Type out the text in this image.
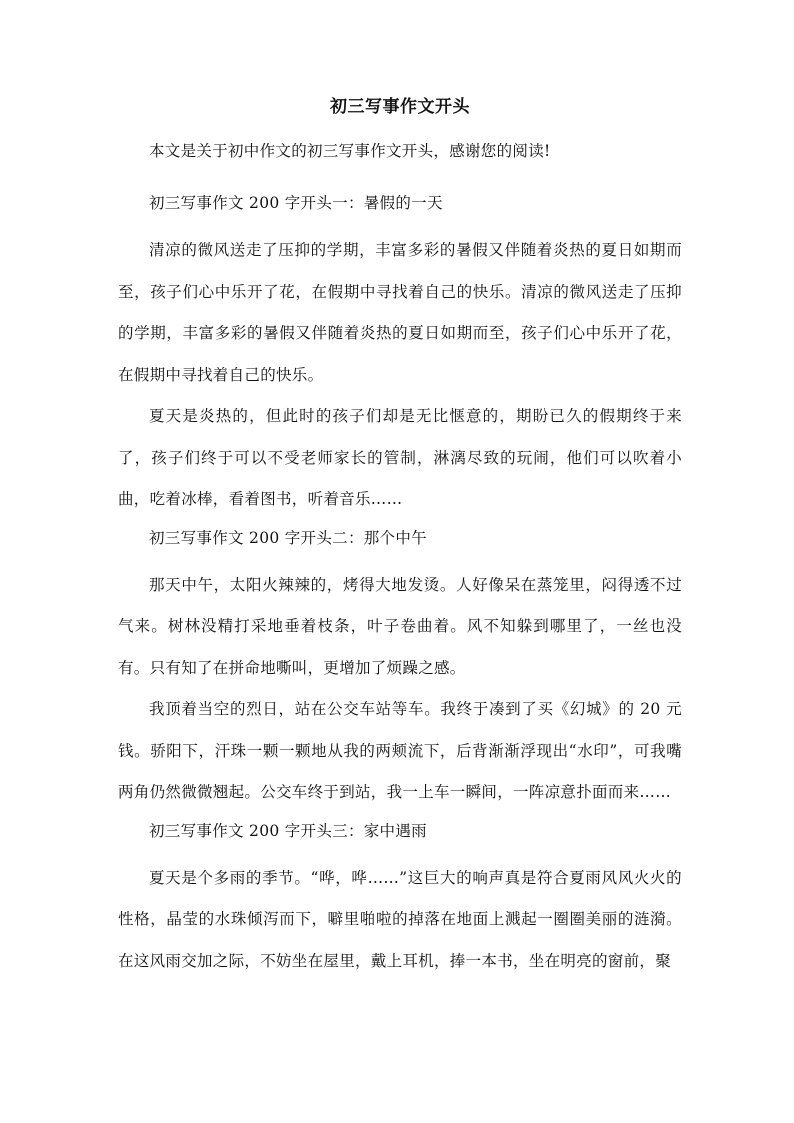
初三写事作文开头

本文是关于初中作文的初三写事作文开头，感谢您的阅读!

初三写事作文 200 字开头一：暑假的一天

清凉的微风送走了压抑的学期，丰富多彩的暑假又伴随着炎热的夏日如期而至，孩子们心中乐开了花，在假期中寻找着自己的快乐。清凉的微风送走了压抑的学期，丰富多彩的暑假又伴随着炎热的夏日如期而至，孩子们心中乐开了花，在假期中寻找着自己的快乐。

夏天是炎热的，但此时的孩子们却是无比惬意的，期盼已久的假期终于来了，孩子们终于可以不受老师家长的管制，淋漓尽致的玩闹，他们可以吹着小曲，吃着冰棒，看着图书，听着音乐……

初三写事作文 200 字开头二：那个中午

那天中午，太阳火辣辣的，烤得大地发烫。人好像呆在蒸笼里，闷得透不过气来。树林没精打采地垂着枝条，叶子卷曲着。风不知躲到哪里了，一丝也没有。只有知了在拼命地嘶叫，更增加了烦躁之感。

我顶着当空的烈日，站在公交车站等车。我终于凑到了买《幻城》的 20 元钱。骄阳下，汗珠一颗一颗地从我的两颊流下，后背渐渐浮现出“水印”，可我嘴两角仍然微微翘起。公交车终于到站，我一上车一瞬间，一阵凉意扑面而来……

初三写事作文 200 字开头三：家中遇雨

夏天是个多雨的季节。“哗，哗……”这巨大的响声真是符合夏雨风风火火的性格，晶莹的水珠倾泻而下，噼里啪啦的掉落在地面上溅起一圈圈美丽的涟漪。在这风雨交加之际，不妨坐在屋里，戴上耳机，捧一本书，坐在明亮的窗前，聚
